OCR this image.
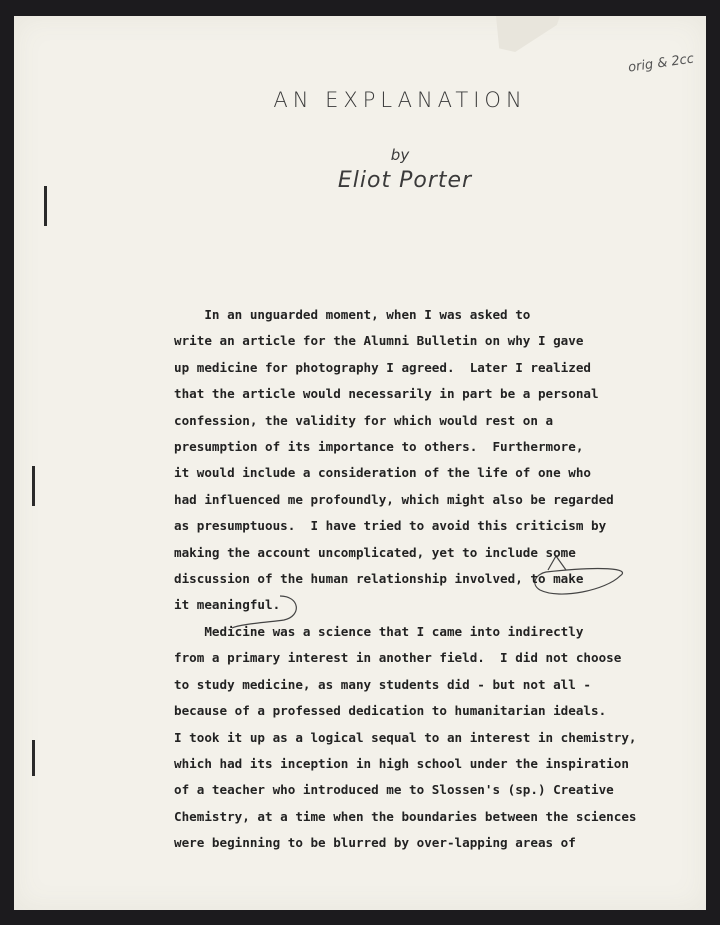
orig & 2cc
AN EXPLANATION
by
Eliot Porter
In an unguarded moment, when I was asked to
write an article for the Alumni Bulletin on why I gave
up medicine for photography I agreed.  Later I realized
that the article would necessarily in part be a personal
confession, the validity for which would rest on a
presumption of its importance to others.  Furthermore,
it would include a consideration of the life of one who
had influenced me profoundly, which might also be regarded
as presumptuous.  I have tried to avoid this criticism by
making the account uncomplicated, yet to include some
discussion of the human relationship involved, to make
it meaningful.
Medicine was a science that I came into indirectly
from a primary interest in another field.  I did not choose
to study medicine, as many students did - but not all -
because of a professed dedication to humanitarian ideals.
I took it up as a logical sequal to an interest in chemistry,
which had its inception in high school under the inspiration
of a teacher who introduced me to Slossen's (sp.) Creative
Chemistry, at a time when the boundaries between the sciences
were beginning to be blurred by over-lapping areas of
